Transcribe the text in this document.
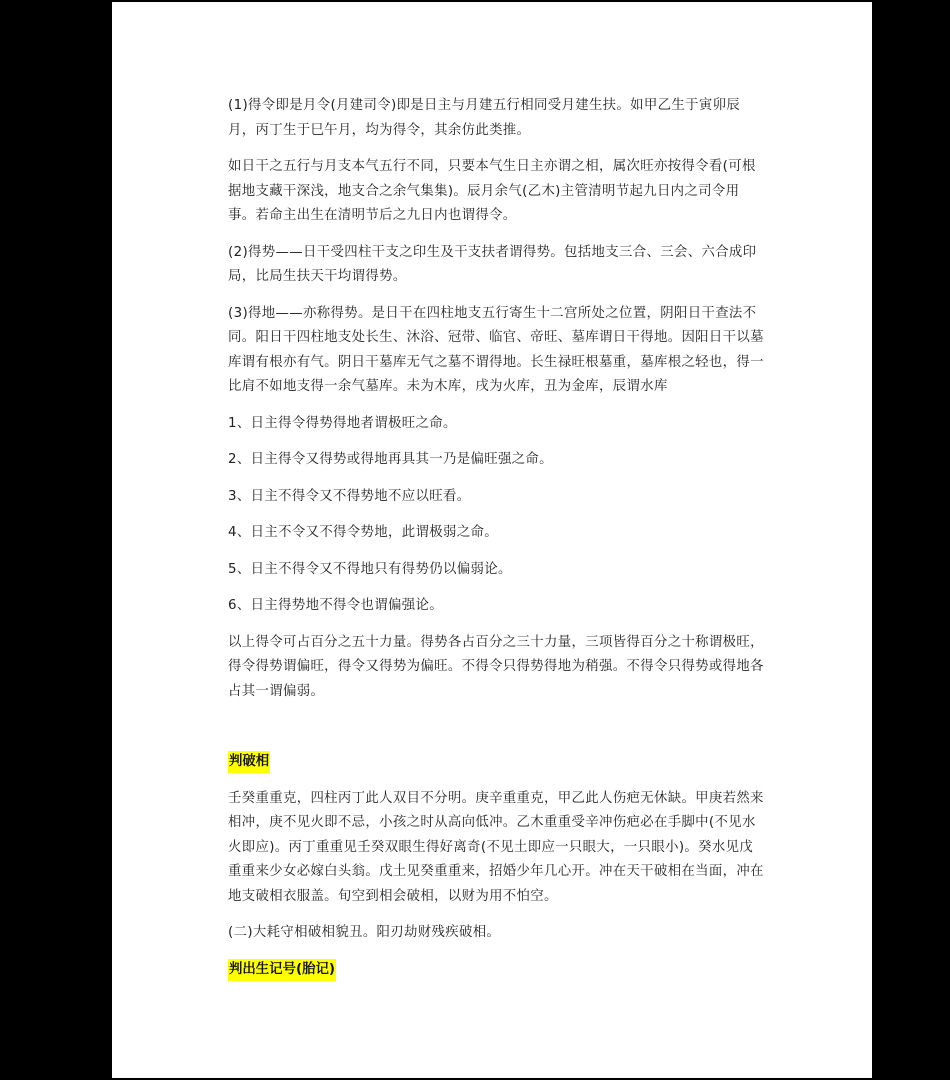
(1)得令即是月令(月建司令)即是日主与月建五行相同受月建生扶。如甲乙生于寅卯辰月，丙丁生于巳午月，均为得令，其余仿此类推。

如日干之五行与月支本气五行不同，只要本气生日主亦谓之相，属次旺亦按得令看(可根据地支藏干深浅，地支合之余气集集)。辰月余气(乙木)主管清明节起九日内之司令用事。若命主出生在清明节后之九日内也谓得令。

(2)得势——日干受四柱干支之印生及干支扶者谓得势。包括地支三合、三会、六合成印局，比局生扶天干均谓得势。

(3)得地——亦称得势。是日干在四柱地支五行寄生十二宫所处之位置，阴阳日干查法不同。阳日干四柱地支处长生、沐浴、冠带、临官、帝旺、墓库谓日干得地。因阳日干以墓库谓有根亦有气。阴日干墓库无气之墓不谓得地。长生禄旺根墓重，墓库根之轻也，得一比肩不如地支得一余气墓库。未为木库，戌为火库，丑为金库，辰谓水库

1、日主得令得势得地者谓极旺之命。

2、日主得令又得势或得地再具其一乃是偏旺强之命。

3、日主不得令又不得势地不应以旺看。

4、日主不令又不得令势地，此谓极弱之命。

5、日主不得令又不得地只有得势仍以偏弱论。

6、日主得势地不得令也谓偏强论。

以上得令可占百分之五十力量。得势各占百分之三十力量，三项皆得百分之十称谓极旺，得令得势谓偏旺，得令又得势为偏旺。不得令只得势得地为稍强。不得令只得势或得地各占其一谓偏弱。

判破相

壬癸重重克，四柱丙丁此人双目不分明。庚辛重重克，甲乙此人伤疤无休缺。甲庚若然来相冲，庚不见火即不忌，小孩之时从高向低冲。乙木重重受辛冲伤疤必在手脚中(不见水火即应)。丙丁重重见壬癸双眼生得好离奇(不见土即应一只眼大，一只眼小)。癸水见戊重重来少女必嫁白头翁。戊土见癸重重来，招婚少年几心开。冲在天干破相在当面，冲在地支破相衣服盖。旬空到相会破相，以财为用不怕空。

(二)大耗守相破相貌丑。阳刃劫财残疾破相。

判出生记号(胎记)
